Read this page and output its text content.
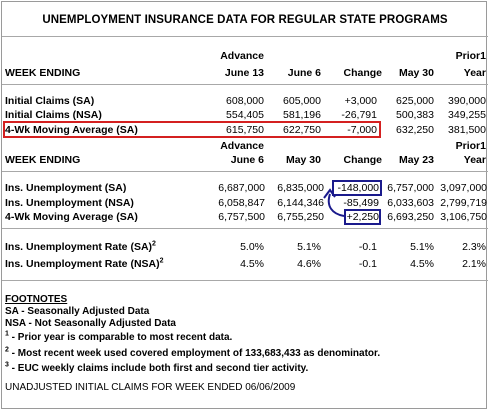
UNEMPLOYMENT INSURANCE DATA FOR REGULAR STATE PROGRAMS
Advance	Prior1
WEEK ENDING	June 13	June 6	Change	May 30	Year
Initial Claims (SA)	608,000	605,000	+3,000	625,000	390,000
Initial Claims (NSA)	554,405	581,196	-26,791	500,383	349,255
4-Wk Moving Average (SA)	615,750	622,750	-7,000	632,250	381,500
Advance	Prior1
WEEK ENDING	June 6	May 30	Change	May 23	Year
Ins. Unemployment (SA)	6,687,000	6,835,000	-148,000 6,757,000 3,097,000
Ins. Unemployment (NSA)	6,058,847	6,144,346	-85,499 6,033,603 2,799,719
4-Wk Moving Average (SA)	6,757,500	6,755,250	+2,250 6,693,250 3,106,750
Ins. Unemployment Rate (SA)$^2$	5.0%	5.1%	-0.1	5.1%	2.3%
Ins. Unemployment Rate (NSA)$^2$	4.5%	4.6%	-0.1	4.5%	2.1%
FOOTNOTES
SA - Seasonally Adjusted Data
NSA - Not Seasonally Adjusted Data
$^1$ - Prior year is comparable to most recent data.
$^2$ - Most recent week used covered employment of 133,683,433 as denominator.
$^3$ - EUC weekly claims include both first and second tier activity.
UNADJUSTED INITIAL CLAIMS FOR WEEK ENDED 06/06/2009
